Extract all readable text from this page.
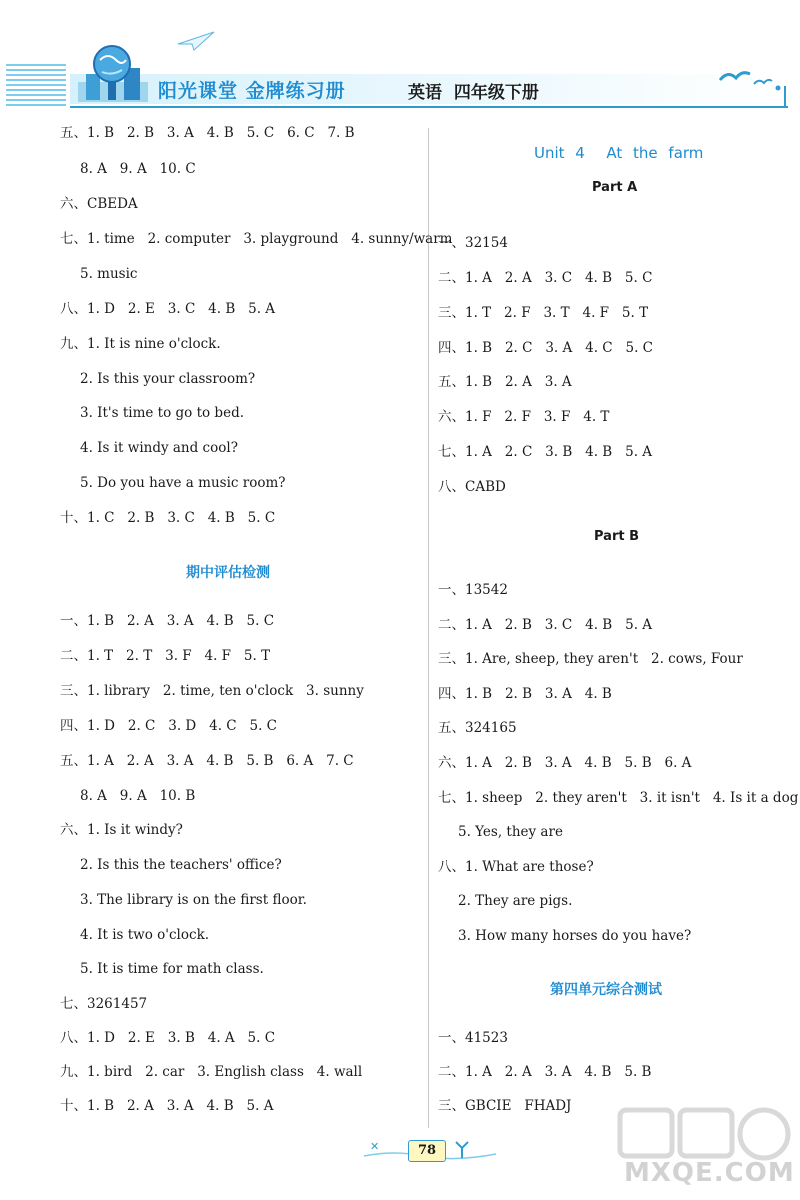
阳光课堂 金牌练习册	英语 四年级下册
五、1. B   2. B   3. A   4. B   5. C   6. C   7. B
8. A   9. A   10. C
六、CBEDA
七、1. time   2. computer   3. playground   4. sunny/warm
5. music
八、1. D   2. E   3. C   4. B   5. A
九、1. It is nine o'clock.
2. Is this your classroom?
3. It's time to go to bed.
4. Is it windy and cool?
5. Do you have a music room?
十、1. C   2. B   3. C   4. B   5. C
期中评估检测
一、1. B   2. A   3. A   4. B   5. C
二、1. T   2. T   3. F   4. F   5. T
三、1. library   2. time, ten o'clock   3. sunny
四、1. D   2. C   3. D   4. C   5. C
五、1. A   2. A   3. A   4. B   5. B   6. A   7. C
8. A   9. A   10. B
六、1. Is it windy?
2. Is this the teachers' office?
3. The library is on the first floor.
4. It is two o'clock.
5. It is time for math class.
七、3261457
八、1. D   2. E   3. B   4. A   5. C
九、1. bird   2. car   3. English class   4. wall
十、1. B   2. A   3. A   4. B   5. A
Unit 4  At the farm
Part A
一、32154
二、1. A   2. A   3. C   4. B   5. C
三、1. T   2. F   3. T   4. F   5. T
四、1. B   2. C   3. A   4. C   5. C
五、1. B   2. A   3. A
六、1. F   2. F   3. F   4. T
七、1. A   2. C   3. B   4. B   5. A
八、CABD
Part B
一、13542
二、1. A   2. B   3. C   4. B   5. A
三、1. Are, sheep, they aren't   2. cows, Four
四、1. B   2. B   3. A   4. B
五、324165
六、1. A   2. B   3. A   4. B   5. B   6. A
七、1. sheep   2. they aren't   3. it isn't   4. Is it a dog
5. Yes, they are
八、1. What are those?
2. They are pigs.
3. How many horses do you have?
第四单元综合测试
一、41523
二、1. A   2. A   3. A   4. B   5. B
三、GBCIE   FHADJ
✕	78
MXQE.COM
